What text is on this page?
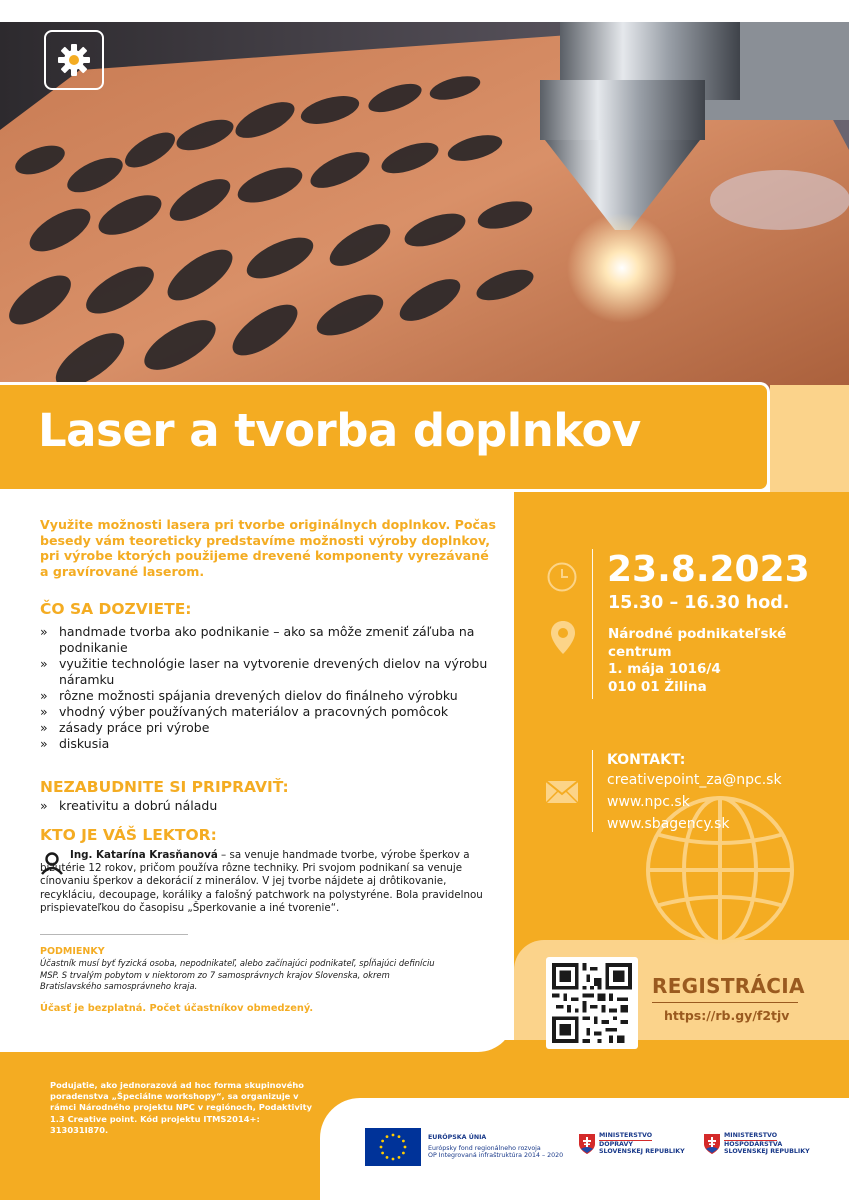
Laser a tvorba doplnkov
Využite možnosti lasera pri tvorbe originálnych doplnkov. Počas besedy vám teoreticky predstavíme možnosti výroby doplnkov, pri výrobe ktorých použijeme drevené komponenty vyrezávané a gravírované laserom.
ČO SA DOZVIETE:
» handmade tvorba ako podnikanie – ako sa môže zmeniť záľuba na podnikanie
» využitie technológie laser na vytvorenie drevených dielov na výrobu náramku
» rôzne možnosti spájania drevených dielov do finálneho výrobku
» vhodný výber používaných materiálov a pracovných pomôcok
» zásady práce pri výrobe
» diskusia
NEZABUDNITE SI PRIPRAVIŤ:
» kreativitu a dobrú náladu
KTO JE VÁŠ LEKTOR:
Ing. Katarína Krasňanová – sa venuje handmade tvorbe, výrobe šperkov a bižutérie 12 rokov, pričom používa rôzne techniky. Pri svojom podnikaní sa venuje cínovaniu šperkov a dekorácií z minerálov. V jej tvorbe nájdete aj drôtikovanie, recykláciu, decoupage, koráliky a falošný patchwork na polystyréne. Bola pravidelnou prispievateľkou do časopisu „Šperkovanie a iné tvorenie“.
PODMIENKY
Účastník musí byť fyzická osoba, nepodnikateľ, alebo začínajúci podnikateľ, spĺňajúci definíciu MSP. S trvalým pobytom v niektorom zo 7 samosprávnych krajov Slovenska, okrem Bratislavského samosprávneho kraja.
Účasť je bezplatná. Počet účastníkov obmedzený.
23.8.2023
15.30 – 16.30 hod.
Národné podnikateľské
centrum
1. mája 1016/4
010 01 Žilina
KONTAKT:
creativepoint_za@npc.sk
www.npc.sk
www.sbagency.sk
REGISTRÁCIA
https://rb.gy/f2tjv
Podujatie, ako jednorazová ad hoc forma skupinového poradenstva „Špeciálne workshopy“, sa organizuje v rámci Národného projektu NPC v regiónoch, Podaktivity 1.3 Creative point. Kód projektu ITMS2014+: 313031I870.
EURÓPSKA ÚNIA
Európsky fond regionálneho rozvoja
OP Integrovaná infraštruktúra 2014 – 2020
MINISTERSTVO
DOPRAVY
SLOVENSKEJ REPUBLIKY
MINISTERSTVO
HOSPODÁRSTVA
SLOVENSKEJ REPUBLIKY
